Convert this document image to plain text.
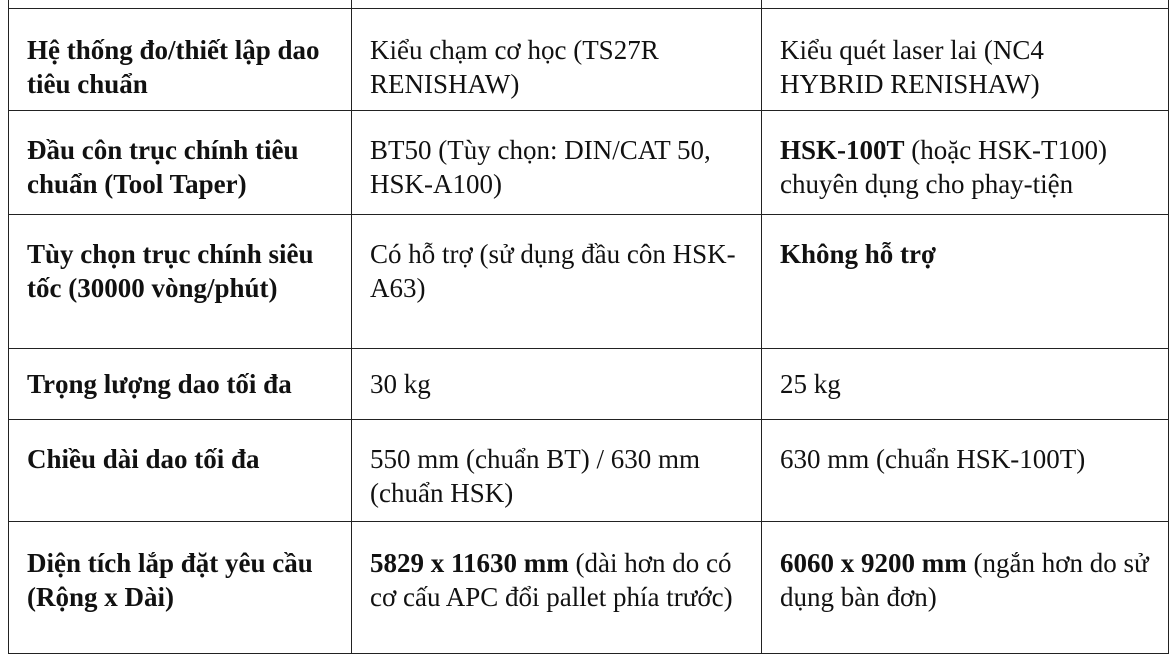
Hệ thống đo/thiết lập dao tiêu chuẩn	Kiểu chạm cơ học (TS27R RENISHAW)	Kiểu quét laser lai (NC4 HYBRID RENISHAW)
Đầu côn trục chính tiêu chuẩn (Tool Taper)	BT50 (Tùy chọn: DIN/CAT 50, HSK-A100)	HSK-100T (hoặc HSK-T100) chuyên dụng cho phay-tiện
Tùy chọn trục chính siêu tốc (30000 vòng/phút)	Có hỗ trợ (sử dụng đầu côn HSK-A63)	Không hỗ trợ
Trọng lượng dao tối đa	30 kg	25 kg
Chiều dài dao tối đa	550 mm (chuẩn BT) / 630 mm (chuẩn HSK)	630 mm (chuẩn HSK-100T)
Diện tích lắp đặt yêu cầu (Rộng x Dài)	5829 x 11630 mm (dài hơn do có cơ cấu APC đổi pallet phía trước)	6060 x 9200 mm (ngắn hơn do sử dụng bàn đơn)
